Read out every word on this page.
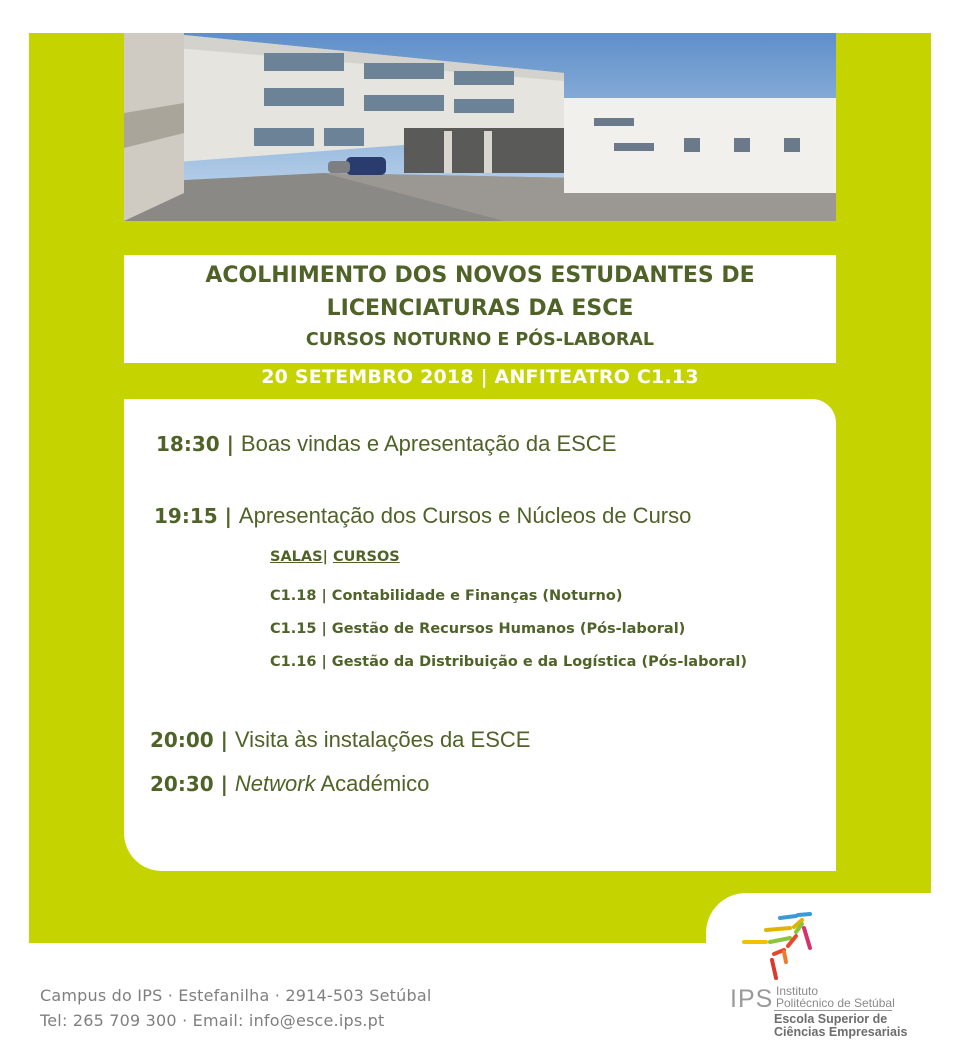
ACOLHIMENTO DOS NOVOS ESTUDANTES DE
LICENCIATURAS DA ESCE
CURSOS NOTURNO E PÓS-LABORAL
20 SETEMBRO 2018 | ANFITEATRO C1.13
18:30 | Boas vindas e Apresentação da ESCE
19:15 | Apresentação dos Cursos e Núcleos de Curso
SALAS| CURSOS
C1.18 | Contabilidade e Finanças (Noturno)
C1.15 | Gestão de Recursos Humanos (Pós-laboral)
C1.16 | Gestão da Distribuição e da Logística (Pós-laboral)
20:00 | Visita às instalações da ESCE
20:30 | Network Académico
Campus do IPS · Estefanilha · 2914-503 Setúbal
Tel: 265 709 300 · Email: info@esce.ips.pt
IPS Instituto
Politécnico de Setúbal
Escola Superior de
Ciências Empresariais
